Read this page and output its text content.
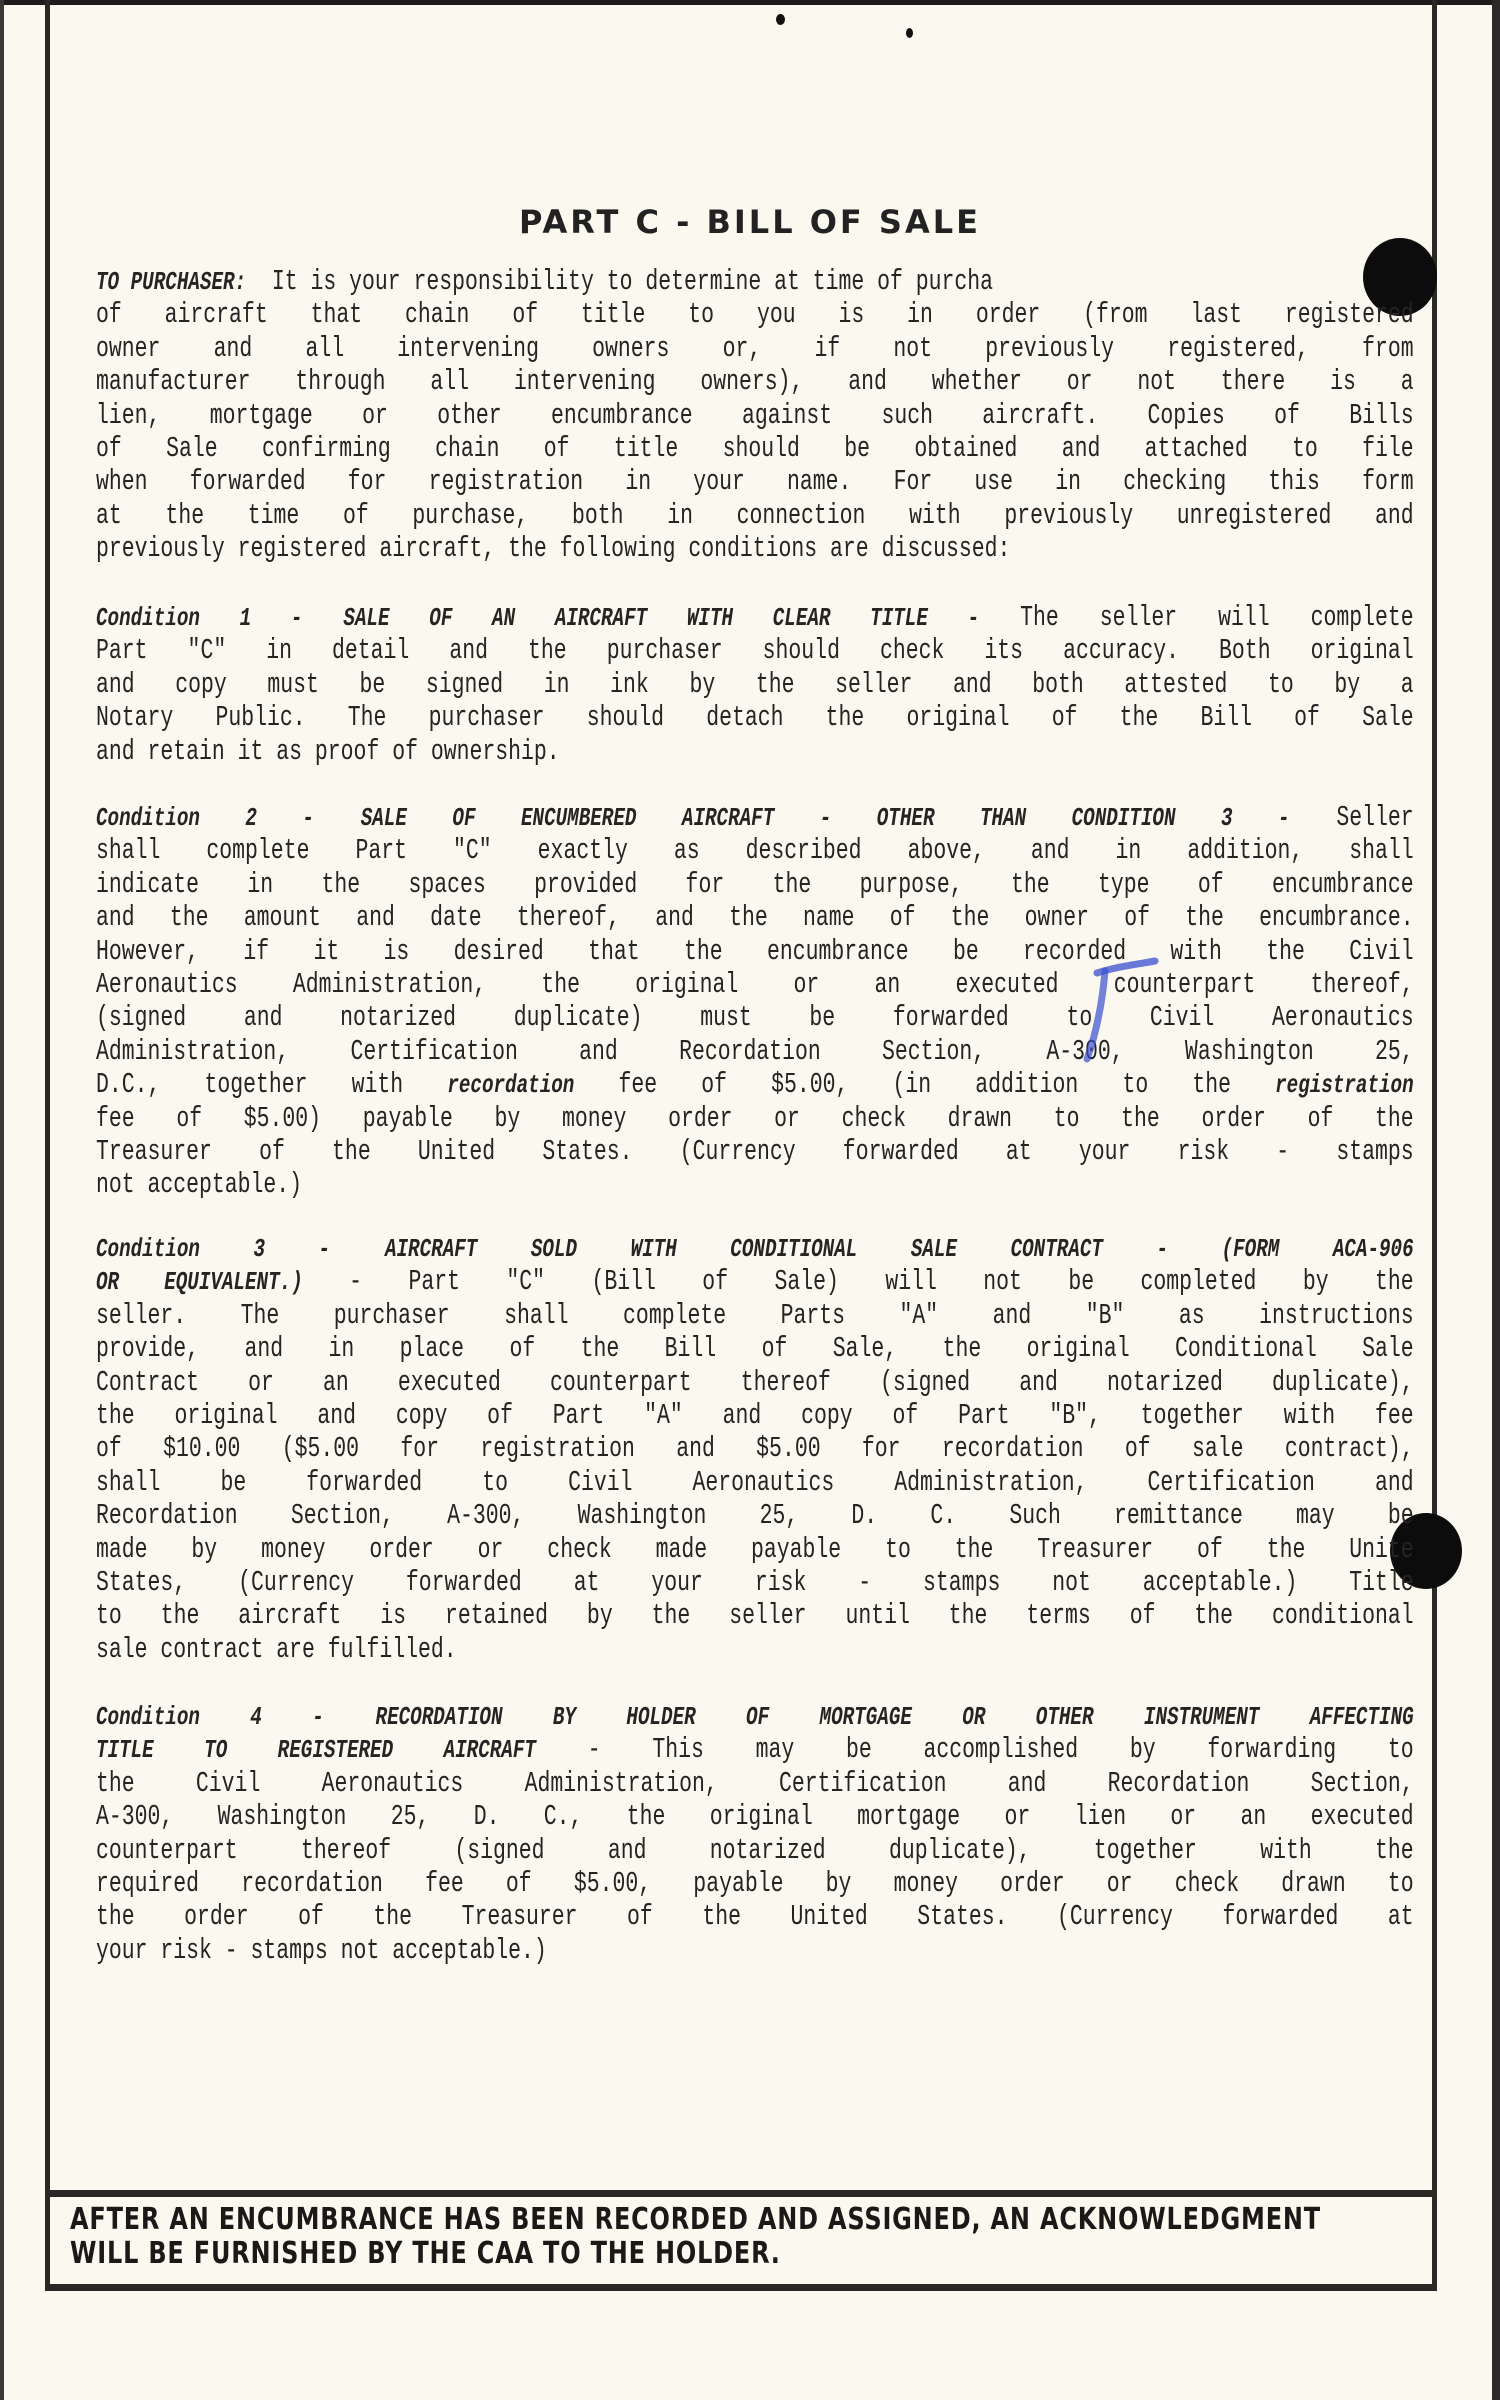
PART C - BILL OF SALE
TO PURCHASER: It is your responsibility to determine at time of purcha
of aircraft that chain of title to you is in order (from last registered
owner and all intervening owners or, if not previously registered, from
manufacturer through all intervening owners), and whether or not there is a
lien, mortgage or other encumbrance against such aircraft. Copies of Bills
of Sale confirming chain of title should be obtained and attached to file
when forwarded for registration in your name. For use in checking this form
at the time of purchase, both in connection with previously unregistered and
previously registered aircraft, the following conditions are discussed:
Condition 1 - SALE OF AN AIRCRAFT WITH CLEAR TITLE - The seller will complete
Part "C" in detail and the purchaser should check its accuracy. Both original
and copy must be signed in ink by the seller and both attested to by a
Notary Public. The purchaser should detach the original of the Bill of Sale
and retain it as proof of ownership.
Condition 2 - SALE OF ENCUMBERED AIRCRAFT - OTHER THAN CONDITION 3 - Seller
shall complete Part "C" exactly as described above, and in addition, shall
indicate in the spaces provided for the purpose, the type of encumbrance
and the amount and date thereof, and the name of the owner of the encumbrance.
However, if it is desired that the encumbrance be recorded with the Civil
Aeronautics Administration, the original or an executed counterpart thereof,
(signed and notarized duplicate) must be forwarded to Civil Aeronautics
Administration, Certification and Recordation Section, A-300, Washington 25,
D.C., together with recordation fee of $5.00, (in addition to the registration
fee of $5.00) payable by money order or check drawn to the order of the
Treasurer of the United States. (Currency forwarded at your risk - stamps
not acceptable.)
Condition 3 - AIRCRAFT SOLD WITH CONDITIONAL SALE CONTRACT - (FORM ACA-906
OR EQUIVALENT.) - Part "C" (Bill of Sale) will not be completed by the
seller. The purchaser shall complete Parts "A" and "B" as instructions
provide, and in place of the Bill of Sale, the original Conditional Sale
Contract or an executed counterpart thereof (signed and notarized duplicate),
the original and copy of Part "A" and copy of Part "B", together with fee
of $10.00 ($5.00 for registration and $5.00 for recordation of sale contract),
shall be forwarded to Civil Aeronautics Administration, Certification and
Recordation Section, A-300, Washington 25, D. C. Such remittance may be
made by money order or check made payable to the Treasurer of the Unite
States, (Currency forwarded at your risk - stamps not acceptable.) Title
to the aircraft is retained by the seller until the terms of the conditional
sale contract are fulfilled.
Condition 4 - RECORDATION BY HOLDER OF MORTGAGE OR OTHER INSTRUMENT AFFECTING
TITLE TO REGISTERED AIRCRAFT - This may be accomplished by forwarding to
the Civil Aeronautics Administration, Certification and Recordation Section,
A-300, Washington 25, D. C., the original mortgage or lien or an executed
counterpart thereof (signed and notarized duplicate), together with the
required recordation fee of $5.00, payable by money order or check drawn to
the order of the Treasurer of the United States. (Currency forwarded at
your risk - stamps not acceptable.)
AFTER AN ENCUMBRANCE HAS BEEN RECORDED AND ASSIGNED, AN ACKNOWLEDGMENT
WILL BE FURNISHED BY THE CAA TO THE HOLDER.
